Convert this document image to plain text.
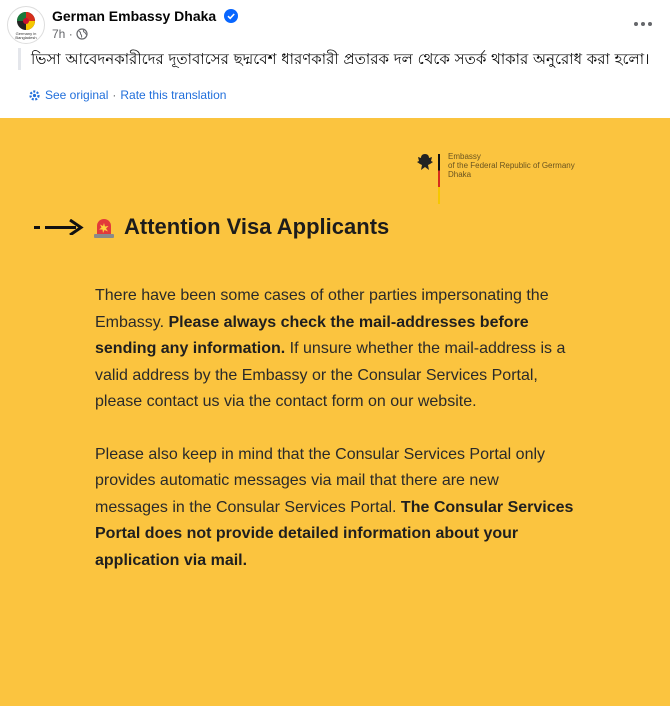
Germany in
Bangladesh
German Embassy Dhaka
7h ·
ভিসা আবেদনকারীদের দূতাবাসের ছদ্মবেশ ধারণকারী প্রতারক দল থেকে সতর্ক থাকার অনুরোধ করা হলো।
See original · Rate this translation
Embassy
of the Federal Republic of Germany
Dhaka
Attention Visa Applicants

There have been some cases of other parties impersonating the Embassy. Please always check the mail-addresses before sending any information. If unsure whether the mail-address is a valid address by the Embassy or the Consular Services Portal, please contact us via the contact form on our website.

Please also keep in mind that the Consular Services Portal only provides automatic messages via mail that there are new messages in the Consular Services Portal. The Consular Services Portal does not provide detailed information about your application via mail.
